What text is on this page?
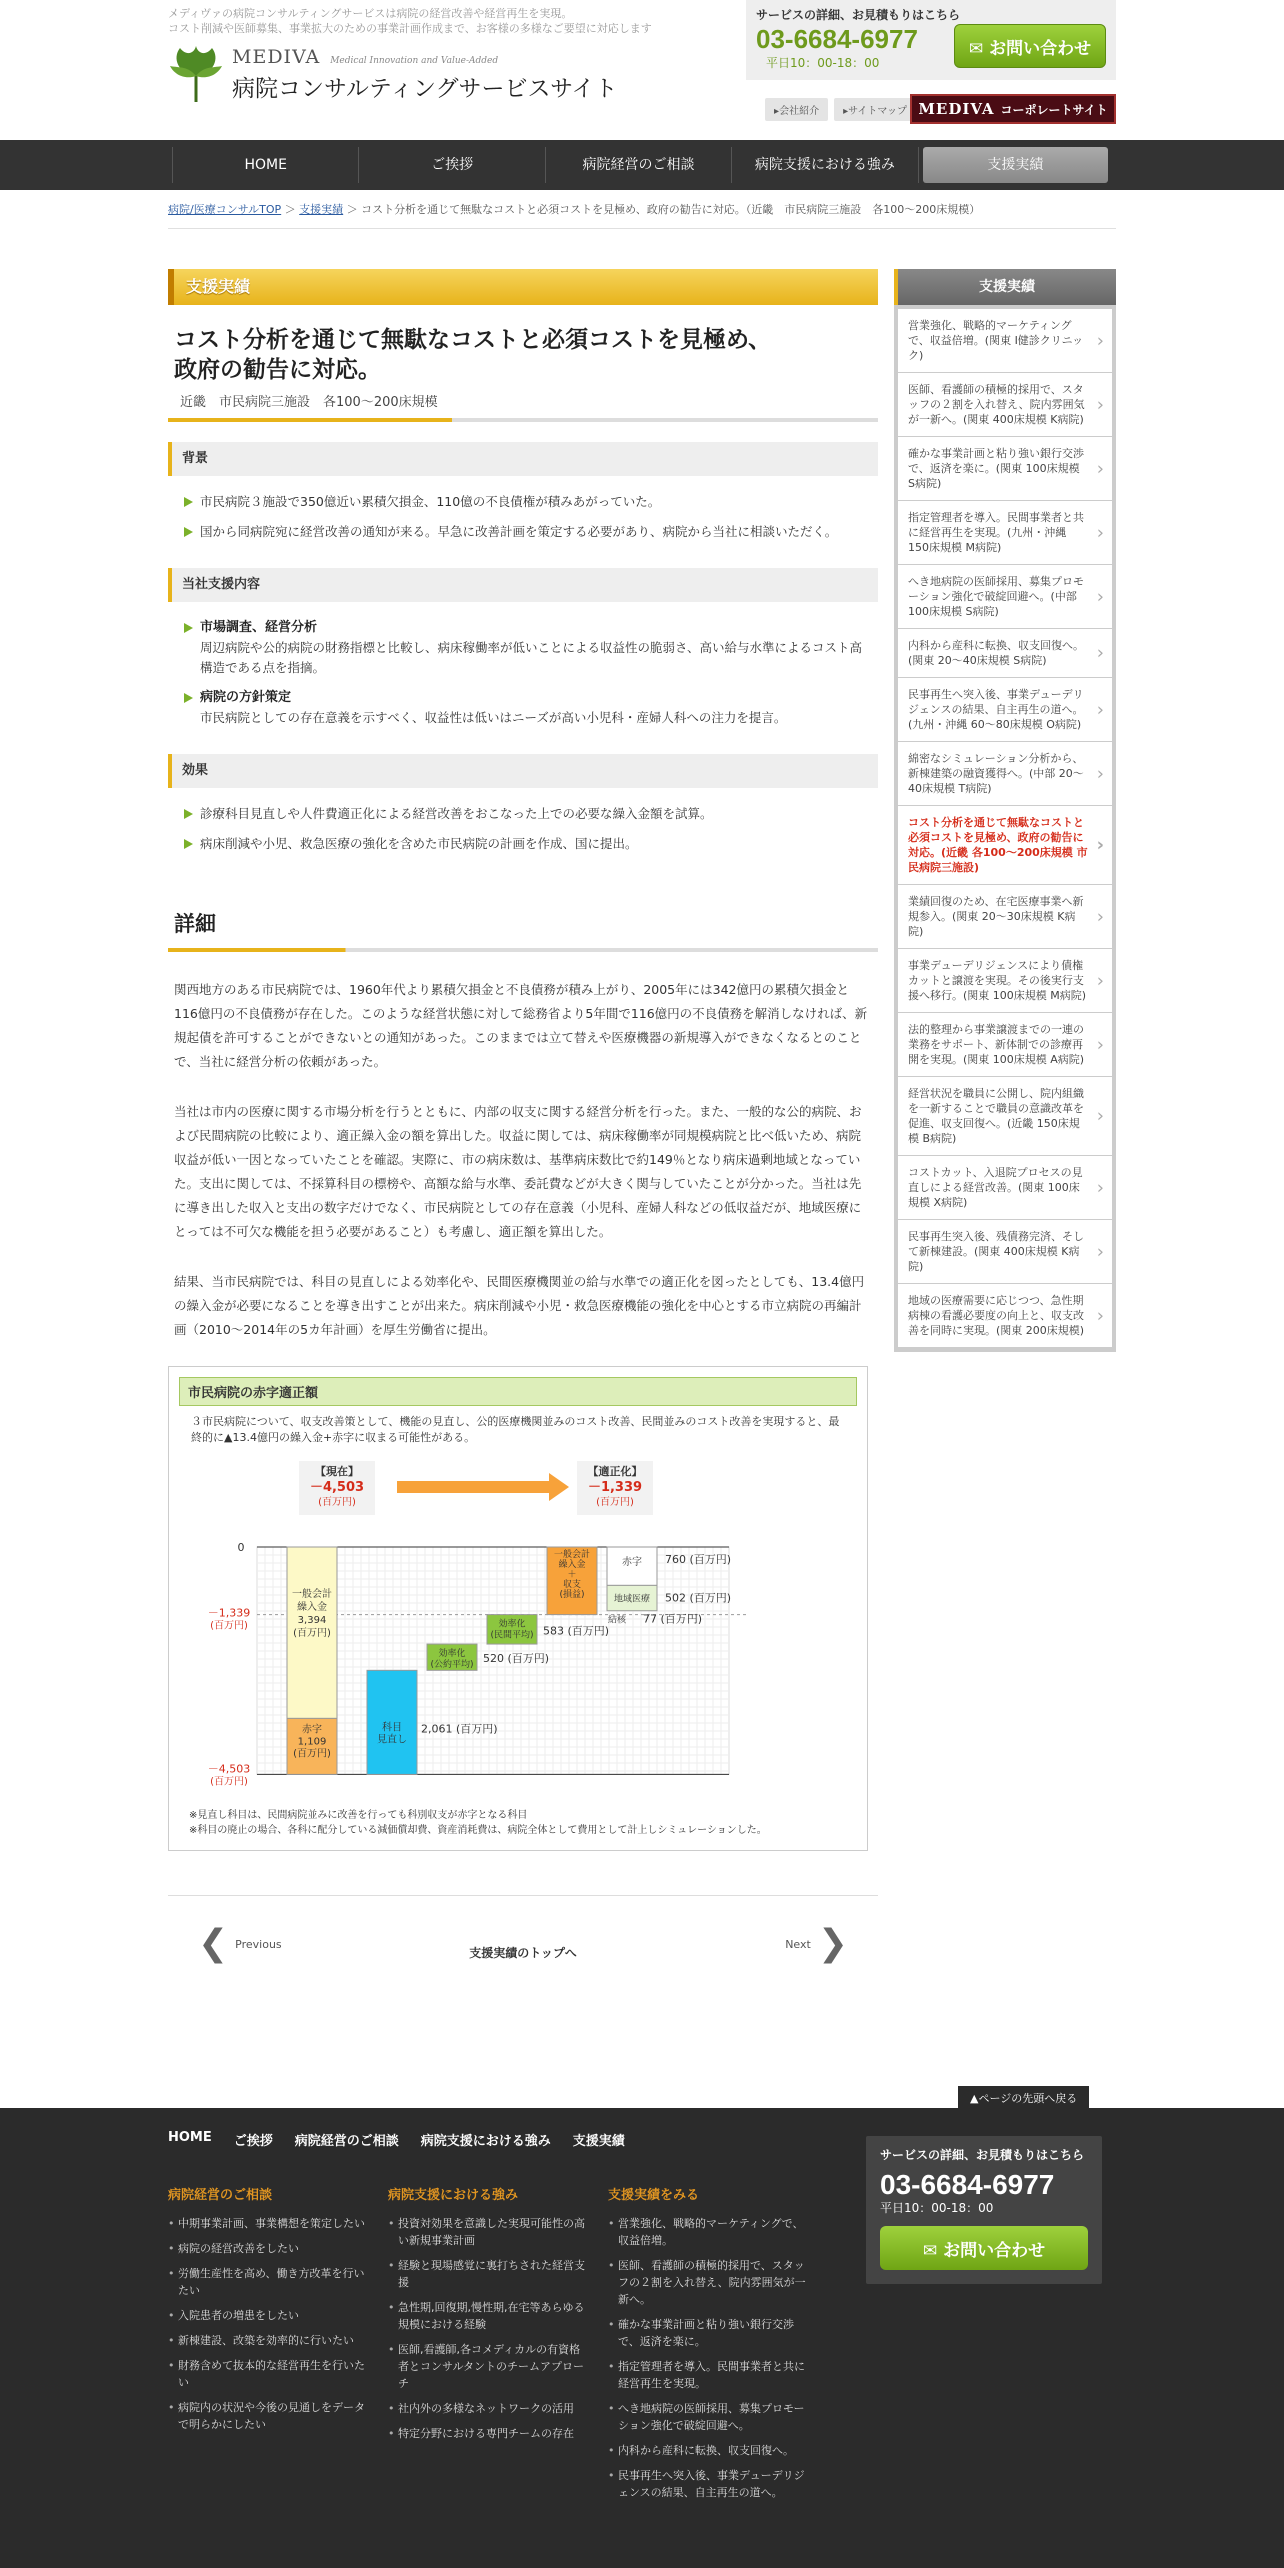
メディヴァの病院コンサルティングサービスは病院の経営改善や経営再生を実現。
コスト削減や医師募集、事業拡大のための事業計画作成まで、お客様の多様なご要望に対応します
MEDIVA Medical Innovation and Value-Added
病院コンサルティングサービスサイト
サービスの詳細、お見積もりはこちら
03-6684-6977
平日10：00-18：00
✉ お問い合わせ
▸会社紹介	▸サイトマップ MEDIVA コーポレートサイト
HOME	ご挨拶	病院経営のご相談	病院支援における強み	支援実績
病院/医療コンサルTOP ＞ 支援実績 ＞ コスト分析を通じて無駄なコストと必須コストを見極め、政府の勧告に対応。（近畿　市民病院三施設　各100～200床規模）
支援実績
コスト分析を通じて無駄なコストと必須コストを見極め、
政府の勧告に対応。
近畿　市民病院三施設　各100～200床規模
背景
市民病院３施設で350億近い累積欠損金、110億の不良債権が積みあがっていた。
国から同病院宛に経営改善の通知が来る。早急に改善計画を策定する必要があり、病院から当社に相談いただく。
当社支援内容
市場調査、経営分析
周辺病院や公的病院の財務指標と比較し、病床稼働率が低いことによる収益性の脆弱さ、高い給与水準によるコスト高構造である点を指摘。
病院の方針策定
市民病院としての存在意義を示すべく、収益性は低いはニーズが高い小児科・産婦人科への注力を提言。
効果
診療科目見直しや人件費適正化による経営改善をおこなった上での必要な繰入金額を試算。
病床削減や小児、救急医療の強化を含めた市民病院の計画を作成、国に提出。
詳細

関西地方のある市民病院では、1960年代より累積欠損金と不良債務が積み上がり、2005年には342億円の累積欠損金と116億円の不良債務が存在した。このような経営状態に対して総務省より5年間で116億円の不良債務を解消しなければ、新規起債を許可することができないとの通知があった。このままでは立て替えや医療機器の新規導入ができなくなるとのことで、当社に経営分析の依頼があった。

当社は市内の医療に関する市場分析を行うとともに、内部の収支に関する経営分析を行った。また、一般的な公的病院、および民間病院の比較により、適正繰入金の額を算出した。収益に関しては、病床稼働率が同規模病院と比べ低いため、病院収益が低い一因となっていたことを確認。実際に、市の病床数は、基準病床数比で約149％となり病床過剰地域となっていた。支出に関しては、不採算科目の標榜や、高額な給与水準、委託費などが大きく関与していたことが分かった。当社は先に導き出した収入と支出の数字だけでなく、市民病院としての存在意義（小児科、産婦人科などの低収益だが、地域医療にとっては不可欠な機能を担う必要があること）も考慮し、適正額を算出した。

結果、当市民病院では、科目の見直しによる効率化や、民間医療機関並の給与水準での適正化を図ったとしても、13.4億円の繰入金が必要になることを導き出すことが出来た。病床削減や小児・救急医療機能の強化を中心とする市立病院の再編計画（2010～2014年の5カ年計画）を厚生労働省に提出。

市民病院の赤字適正額
３市民病院について、収支改善策として、機能の見直し、公的医療機関並みのコスト改善、民間並みのコスト改善を実現すると、最終的に▲13.4億円の繰入金+赤字に収まる可能性がある。
0
－1,339
(百万円)
－4,503
(百万円)
【現在】
－4,503
(百万円)
【適正化】
－1,339
(百万円)
一般会計
繰入金
3,394
(百万円)
赤字
1,109
(百万円)
科目
見直し
2,061 (百万円)
効率化
(公約平均) 520 (百万円)
効率化
(民間平均) 583 (百万円)
一般会計
繰入金
＋
収支
(損益)
赤字 760 (百万円)
地域医療 502 (百万円)
結核 77 (百万円)
※見直し科目は、民間病院並みに改善を行っても科別収支が赤字となる科目
※科目の廃止の場合、各科に配分している減価償却費、資産消耗費は、病院全体として費用として計上しシミュレーションした。
❮
Previous
支援実績のトップへ
Next
❯
支援実績
営業強化、戦略的マーケティングで、収益倍増。(関東 I健診クリニック) ›
医師、看護師の積極的採用で、スタッフの２割を入れ替え、院内雰囲気が一新へ。(関東 400床規模 K病院) ›
確かな事業計画と粘り強い銀行交渉で、返済を楽に。(関東 100床規模 S病院) ›
指定管理者を導入。民間事業者と共に経営再生を実現。(九州・沖縄 150床規模 M病院) ›
へき地病院の医師採用、募集プロモーション強化で破綻回避へ。(中部 100床規模 S病院) ›
内科から産科に転換、収支回復へ。(関東 20～40床規模 S病院) ›
民事再生へ突入後、事業デューデリジェンスの結果、自主再生の道へ。(九州・沖縄 60～80床規模 O病院) ›
綿密なシミュレーション分析から、新棟建築の融資獲得へ。(中部 20～40床規模 T病院) ›
コスト分析を通じて無駄なコストと必須コストを見極め、政府の勧告に対応。(近畿 各100～200床規模 市民病院三施設) ›
業績回復のため、在宅医療事業へ新規参入。(関東 20～30床規模 K病院) ›
事業デューデリジェンスにより債権カットと譲渡を実現。その後実行支援へ移行。(関東 100床規模 M病院) ›
法的整理から事業譲渡までの一連の業務をサポート、新体制での診療再開を実現。(関東 100床規模 A病院) ›
経営状況を職員に公開し、院内組織を一新することで職員の意識改革を促進、収支回復へ。(近畿 150床規模 B病院) ›
コストカット、入退院プロセスの見直しによる経営改善。(関東 100床規模 X病院) ›
民事再生突入後、残債務完済、そして新棟建設。(関東 400床規模 K病院) ›
地域の医療需要に応じつつ、急性期病棟の看護必要度の向上と、収支改善を同時に実現。(関東 200床規模) ›
▲ページの先頭へ戻る
HOME ご挨拶 病院経営のご相談 病院支援における強み 支援実績
病院経営のご相談
• 中期事業計画、事業構想を策定したい
• 病院の経営改善をしたい
• 労働生産性を高め、働き方改革を行いたい
• 入院患者の増患をしたい
• 新棟建設、改築を効率的に行いたい
• 財務含めて抜本的な経営再生を行いたい
• 病院内の状況や今後の見通しをデータで明らかにしたい
病院支援における強み
• 投資対効果を意識した実現可能性の高い新規事業計画
• 経験と現場感覚に裏打ちされた経営支援
• 急性期,回復期,慢性期,在宅等あらゆる規模における経験
• 医師,看護師,各コメディカルの有資格者とコンサルタントのチームアプローチ
• 社内外の多様なネットワークの活用
• 特定分野における専門チームの存在
支援実績をみる
• 営業強化、戦略的マーケティングで、収益倍増。
• 医師、看護師の積極的採用で、スタッフの２割を入れ替え、院内雰囲気が一新へ。
• 確かな事業計画と粘り強い銀行交渉で、返済を楽に。
• 指定管理者を導入。民間事業者と共に経営再生を実現。
• へき地病院の医師採用、募集プロモーション強化で破綻回避へ。
• 内科から産科に転換、収支回復へ。
• 民事再生へ突入後、事業デューデリジェンスの結果、自主再生の道へ。
サービスの詳細、お見積もりはこちら
03-6684-6977
平日10：00-18：00
✉ お問い合わせ
